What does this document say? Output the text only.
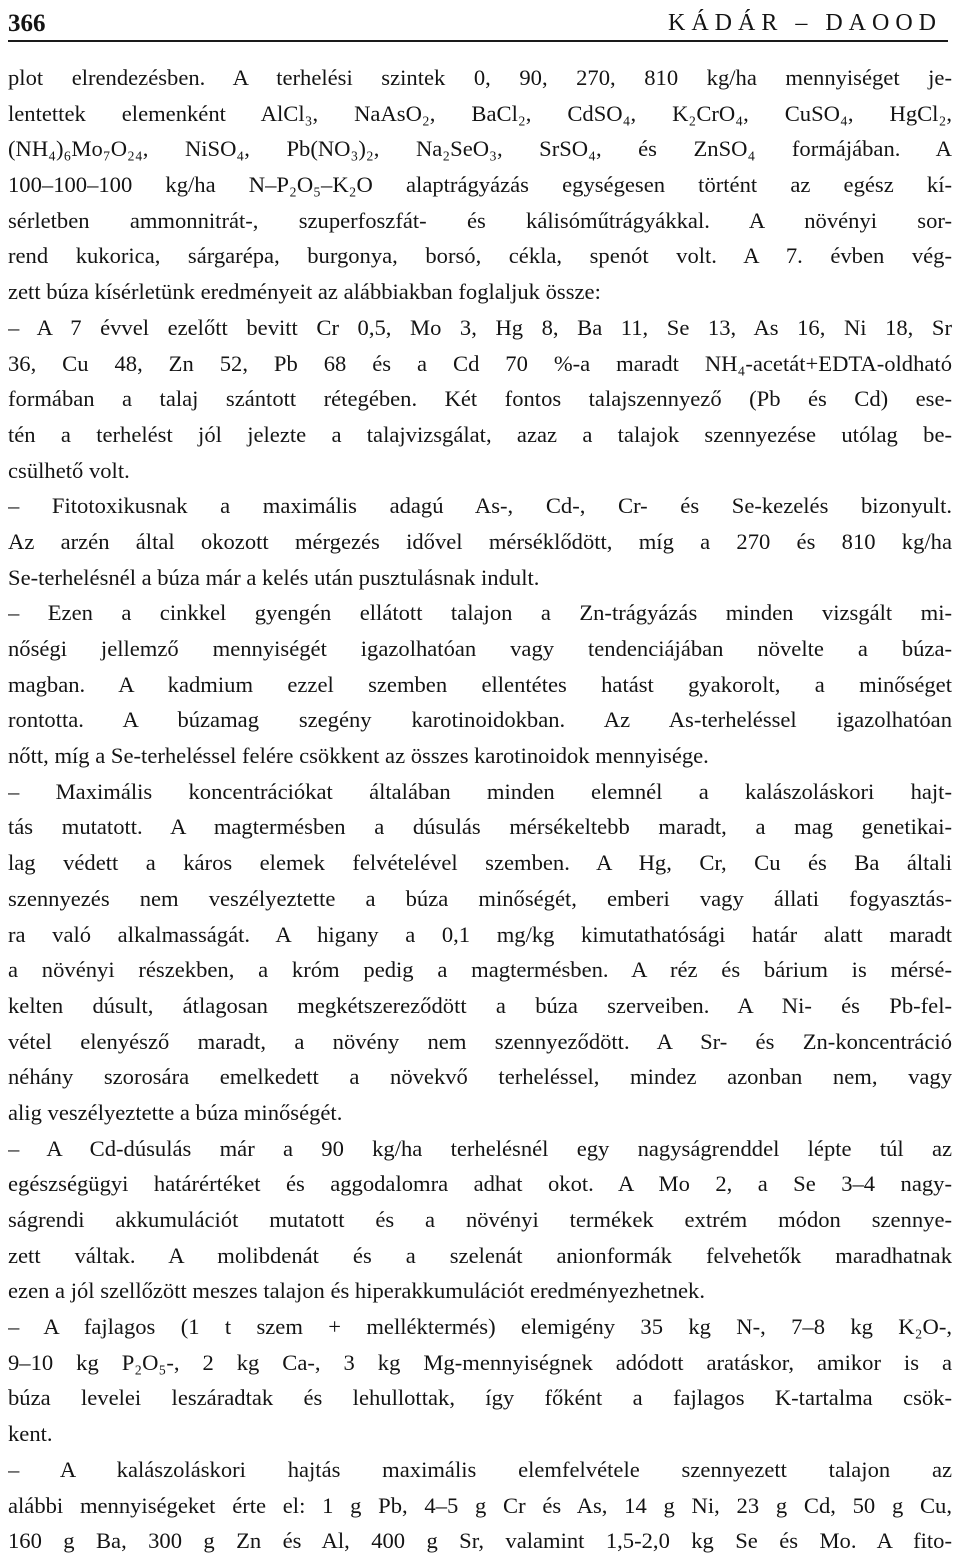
366	KÁDÁR – DAOOD
plot elrendezésben. A terhelési szintek 0, 90, 270, 810 kg/ha mennyiséget je-
lentettek elemenként AlCl₃, NaAsO₂, BaCl₂, CdSO₄, K₂CrO₄, CuSO₄, HgCl₂,
(NH₄)₆Mo₇O₂₄, NiSO₄, Pb(NO₃)₂, Na₂SeO₃, SrSO₄, és ZnSO₄ formájában. A
100–100–100 kg/ha N–P₂O₅–K₂O alaptrágyázás egységesen történt az egész kí-
sérletben ammonnitrát-, szuperfoszfát- és kálisóműtrágyákkal. A növényi sor-
rend kukorica, sárgarépa, burgonya, borsó, cékla, spenót volt. A 7. évben vég-
zett búza kísérletünk eredményeit az alábbiakban foglaljuk össze:
– A 7 évvel ezelőtt bevitt Cr 0,5, Mo 3, Hg 8, Ba 11, Se 13, As 16, Ni 18, Sr
36, Cu 48, Zn 52, Pb 68 és a Cd 70 %-a maradt NH₄-acetát+EDTA-oldható
formában a talaj szántott rétegében. Két fontos talajszennyező (Pb és Cd) ese-
tén a terhelést jól jelezte a talajvizsgálat, azaz a talajok szennyezése utólag be-
csülhető volt.
– Fitotoxikusnak a maximális adagú As-, Cd-, Cr- és Se-kezelés bizonyult.
Az arzén által okozott mérgezés idővel mérséklődött, míg a 270 és 810 kg/ha
Se-terhelésnél a búza már a kelés után pusztulásnak indult.
– Ezen a cinkkel gyengén ellátott talajon a Zn-trágyázás minden vizsgált mi-
nőségi jellemző mennyiségét igazolhatóan vagy tendenciájában növelte a búza-
magban. A kadmium ezzel szemben ellentétes hatást gyakorolt, a minőséget
rontotta. A búzamag szegény karotinoidokban. Az As-terheléssel igazolhatóan
nőtt, míg a Se-terheléssel felére csökkent az összes karotinoidok mennyisége.
– Maximális koncentrációkat általában minden elemnél a kalászoláskori hajt-
tás mutatott. A magtermésben a dúsulás mérsékeltebb maradt, a mag genetikai-
lag védett a káros elemek felvételével szemben. A Hg, Cr, Cu és Ba általi
szennyezés nem veszélyeztette a búza minőségét, emberi vagy állati fogyasztás-
ra való alkalmasságát. A higany a 0,1 mg/kg kimutathatósági határ alatt maradt
a növényi részekben, a króm pedig a magtermésben. A réz és bárium is mérsé-
kelten dúsult, átlagosan megkétszereződött a búza szerveiben. A Ni- és Pb-fel-
vétel elenyésző maradt, a növény nem szennyeződött. A Sr- és Zn-koncentráció
néhány szorosára emelkedett a növekvő terheléssel, mindez azonban nem, vagy
alig veszélyeztette a búza minőségét.
– A Cd-dúsulás már a 90 kg/ha terhelésnél egy nagyságrenddel lépte túl az
egészségügyi határértéket és aggodalomra adhat okot. A Mo 2, a Se 3–4 nagy-
ságrendi akkumulációt mutatott és a növényi termékek extrém módon szennye-
zett váltak. A molibdenát és a szelenát anionformák felvehetők maradhatnak
ezen a jól szellőzött meszes talajon és hiperakkumulációt eredményezhetnek.
– A fajlagos (1 t szem + melléktermés) elemigény 35 kg N-, 7–8 kg K₂O-,
9–10 kg P₂O₅-, 2 kg Ca-, 3 kg Mg-mennyiségnek adódott aratáskor, amikor is a
búza levelei leszáradtak és lehullottak, így főként a fajlagos K-tartalma csök-
kent.
– A kalászoláskori hajtás maximális elemfelvétele szennyezett talajon az
alábbi mennyiségeket érte el: 1 g Pb, 4–5 g Cr és As, 14 g Ni, 23 g Cd, 50 g Cu,
160 g Ba, 300 g Zn és Al, 400 g Sr, valamint 1,5-2,0 kg Se és Mo. A fito-
